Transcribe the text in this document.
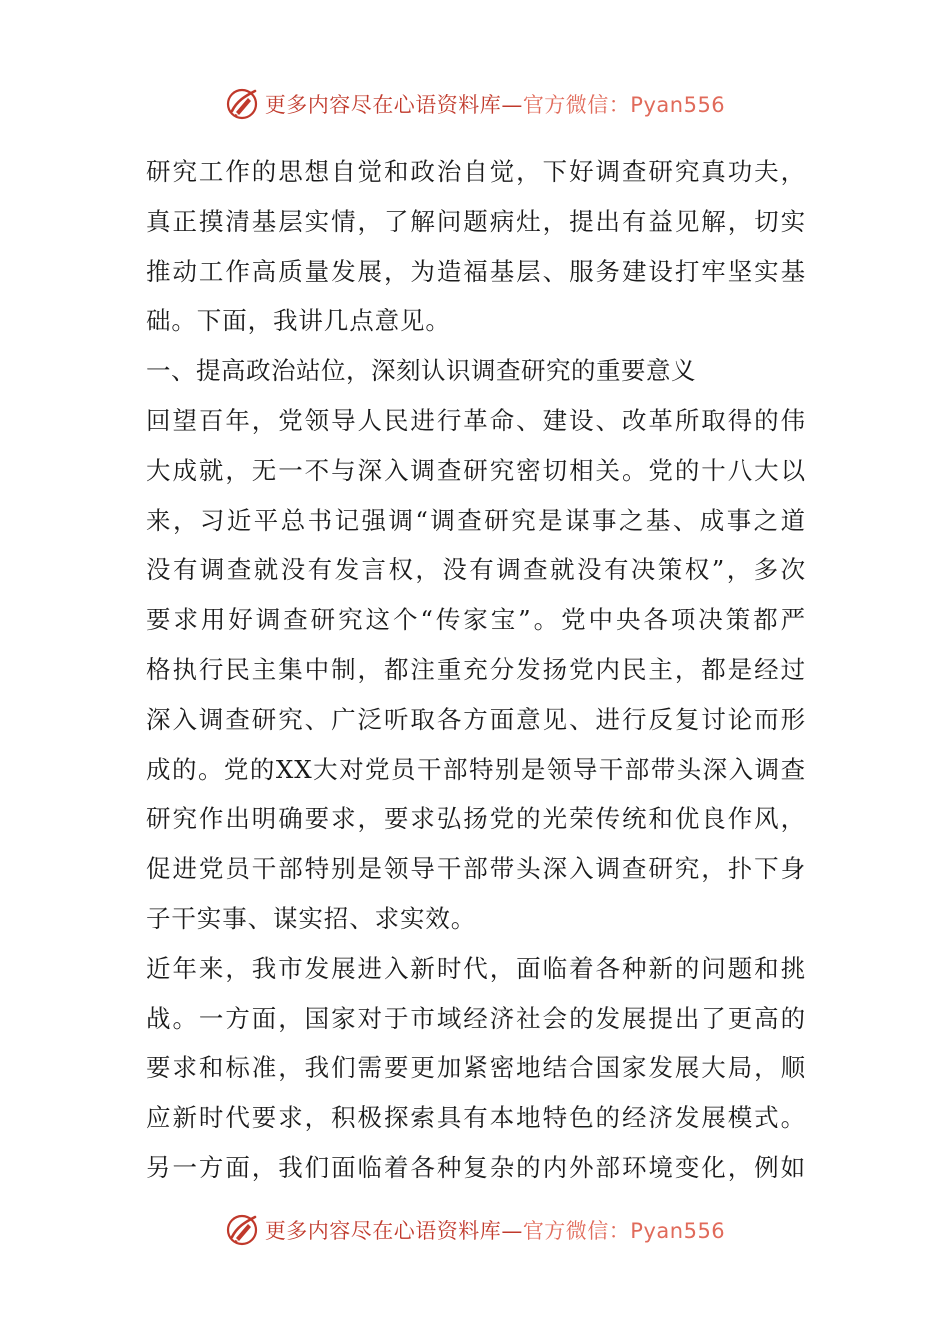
更多内容尽在心语资料库—官方微信：Pyan556
研究工作的思想自觉和政治自觉，下好调查研究真功夫，
真正摸清基层实情，了解问题病灶，提出有益见解，切实
推动工作高质量发展，为造福基层、服务建设打牢坚实基
础。下面，我讲几点意见。
一、提高政治站位，深刻认识调查研究的重要意义
回望百年，党领导人民进行革命、建设、改革所取得的伟
大成就，无一不与深入调查研究密切相关。党的十八大以
来，习近平总书记强调“调查研究是谋事之基、成事之道
没有调查就没有发言权，没有调查就没有决策权”，多次
要求用好调查研究这个“传家宝”。党中央各项决策都严
格执行民主集中制，都注重充分发扬党内民主，都是经过
深入调查研究、广泛听取各方面意见、进行反复讨论而形
成的。党的XX大对党员干部特别是领导干部带头深入调查
研究作出明确要求，要求弘扬党的光荣传统和优良作风，
促进党员干部特别是领导干部带头深入调查研究，扑下身
子干实事、谋实招、求实效。
近年来，我市发展进入新时代，面临着各种新的问题和挑
战。一方面，国家对于市域经济社会的发展提出了更高的
要求和标准，我们需要更加紧密地结合国家发展大局，顺
应新时代要求，积极探索具有本地特色的经济发展模式。
另一方面，我们面临着各种复杂的内外部环境变化，例如
更多内容尽在心语资料库—官方微信：Pyan556
